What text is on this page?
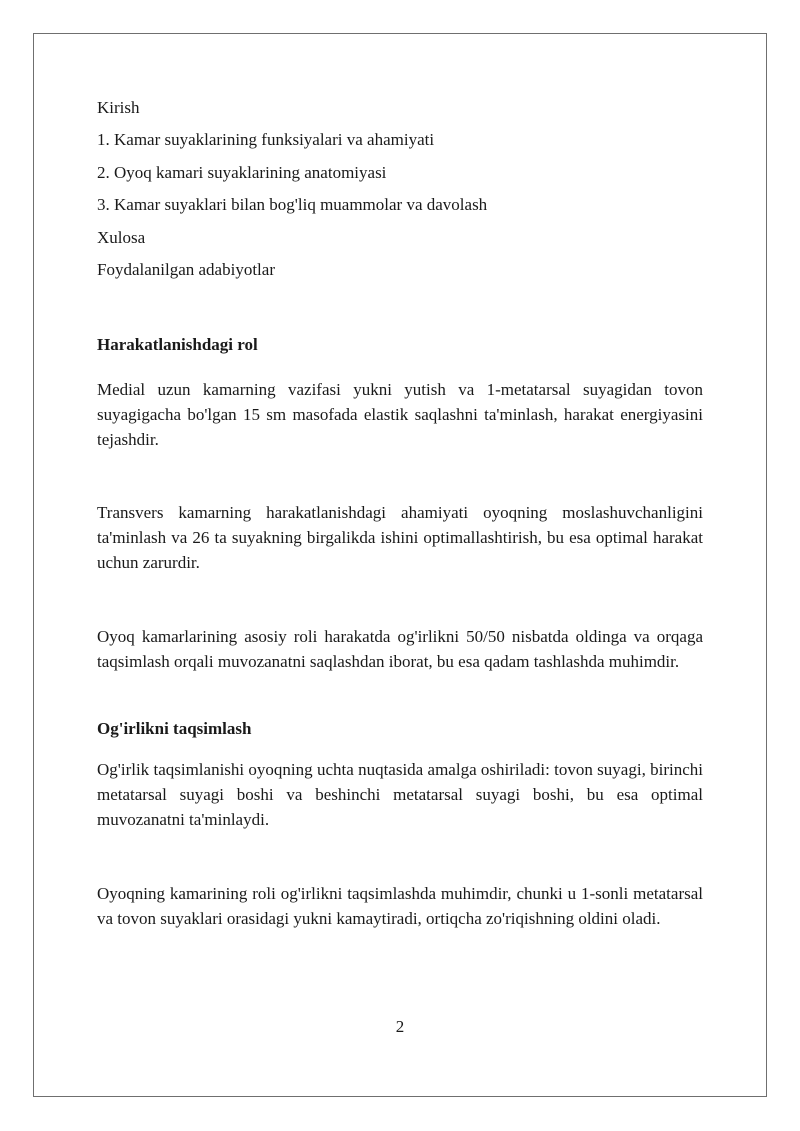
Kirish
1. Kamar suyaklarining funksiyalari va ahamiyati
2. Oyoq kamari suyaklarining anatomiyasi
3. Kamar suyaklari bilan bog'liq muammolar va davolash
Xulosa
Foydalanilgan adabiyotlar
Harakatlanishdagi rol

Medial uzun kamarning vazifasi yukni yutish va 1-metatarsal suyagidan tovon suyagigacha bo'lgan 15 sm masofada elastik saqlashni ta'minlash, harakat energiyasini tejashdir.

Transvers kamarning harakatlanishdagi ahamiyati oyoqning moslashuvchanligini ta'minlash va 26 ta suyakning birgalikda ishini optimallashtirish, bu esa optimal harakat uchun zarurdir.

Oyoq kamarlarining asosiy roli harakatda og'irlikni 50/50 nisbatda oldinga va orqaga taqsimlash orqali muvozanatni saqlashdan iborat, bu esa qadam tashlashda muhimdir.

Og'irlikni taqsimlash

Og'irlik taqsimlanishi oyoqning uchta nuqtasida amalga oshiriladi: tovon suyagi, birinchi metatarsal suyagi boshi va beshinchi metatarsal suyagi boshi, bu esa optimal muvozanatni ta'minlaydi.

Oyoqning kamarining roli og'irlikni taqsimlashda muhimdir, chunki u 1-sonli metatarsal va tovon suyaklari orasidagi yukni kamaytiradi, ortiqcha zo'riqishning oldini oladi.

2
